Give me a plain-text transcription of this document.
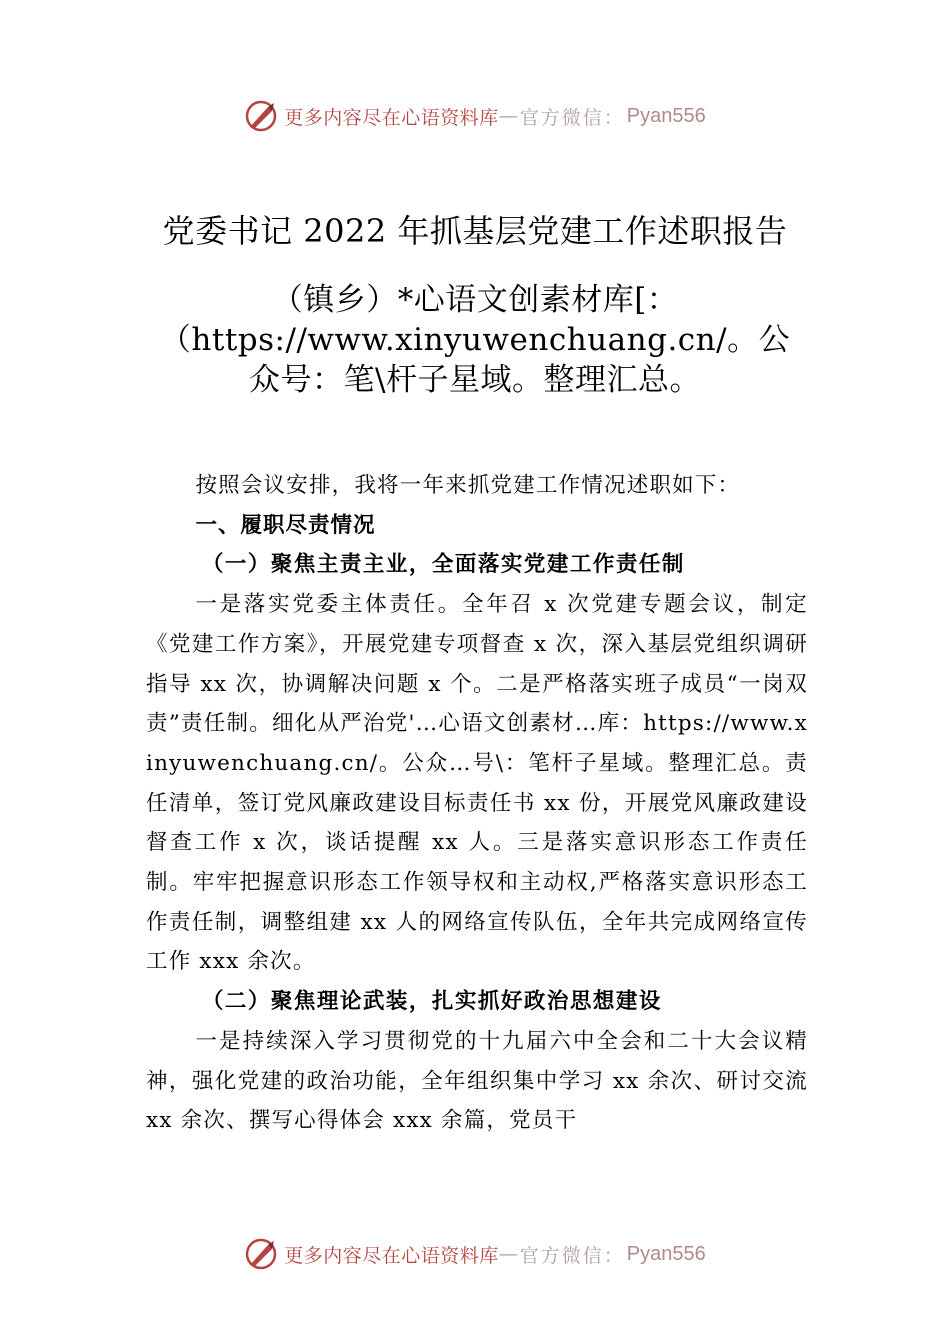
更多内容尽在心语资料库 — 官方微信： Pyan556
党委书记 2022 年抓基层党建工作述职报告
（镇乡）*心语文创素材库[：（https://www.xinyuwenchuang.cn/。公众号：笔\杆子星域。整理汇总。

按照会议安排，我将一年来抓党建工作情况述职如下：

一、履职尽责情况

（一）聚焦主责主业，全面落实党建工作责任制

一是落实党委主体责任。全年召 x 次党建专题会议，制定《党建工作方案》，开展党建专项督查 x 次，深入基层党组织调研指导 xx 次，协调解决问题 x 个。二是严格落实班子成员“一岗双责”责任制。细化从严治党'…心语文创素材…库：https://www.xinyuwenchuang.cn/。公众…号\：笔杆子星域。整理汇总。责任清单，签订党风廉政建设目标责任书 xx 份，开展党风廉政建设督查工作 x 次，谈话提醒 xx 人。三是落实意识形态工作责任制。牢牢把握意识形态工作领导权和主动权,严格落实意识形态工作责任制，调整组建 xx 人的网络宣传队伍，全年共完成网络宣传工作 xxx 余次。

（二）聚焦理论武装，扎实抓好政治思想建设

一是持续深入学习贯彻党的十九届六中全会和二十大会议精神，强化党建的政治功能，全年组织集中学习 xx 余次、研讨交流 xx 余次、撰写心得体会 xxx 余篇，党员干

更多内容尽在心语资料库 — 官方微信： Pyan556
